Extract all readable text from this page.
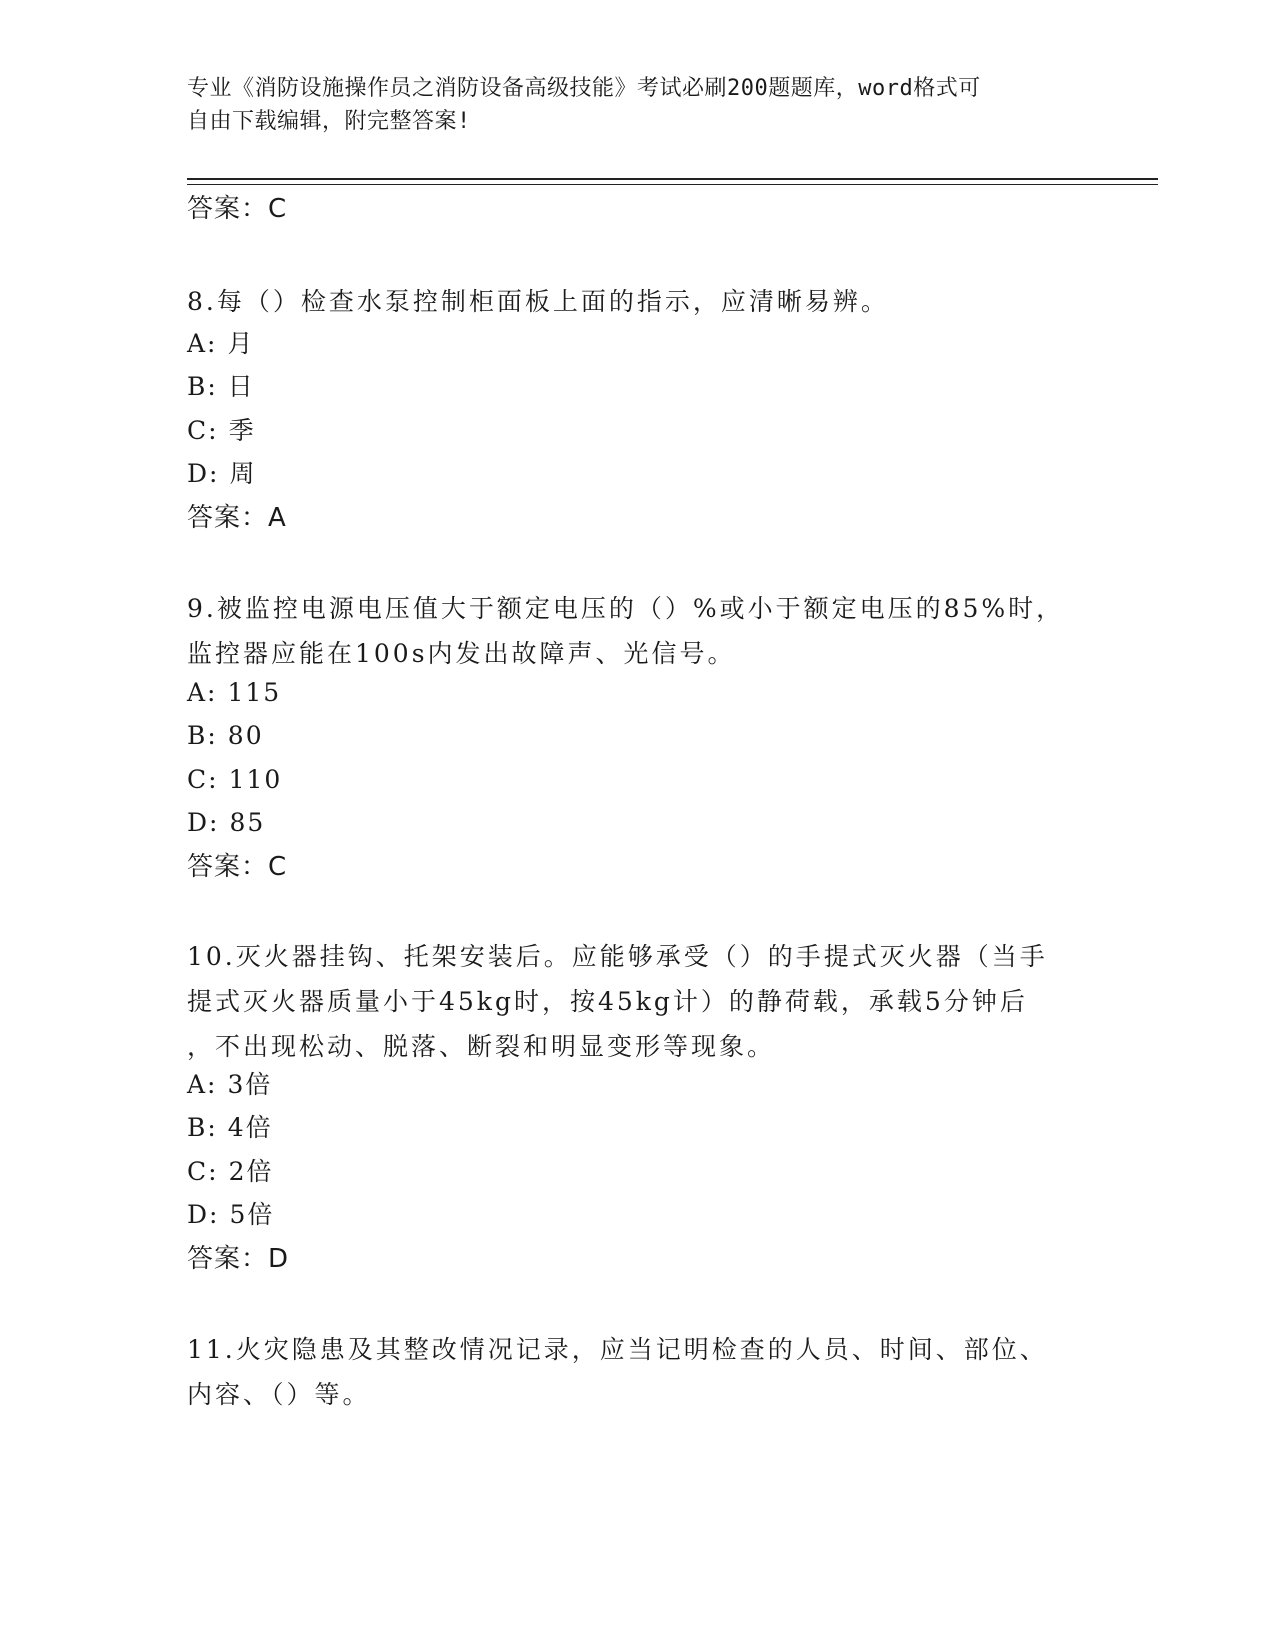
专业《消防设施操作员之消防设备高级技能》考试必刷200题题库，word格式可
自由下载编辑，附完整答案!
答案：C
8.每（）检查水泵控制柜面板上面的指示，应清晰易辨。
A: 月
B: 日
C: 季
D: 周
答案：A
9.被监控电源电压值大于额定电压的（）%或小于额定电压的85%时，
监控器应能在100s内发出故障声、光信号。
A: 115
B: 80
C: 110
D: 85
答案：C
10.灭火器挂钩、托架安装后。应能够承受（）的手提式灭火器（当手
提式灭火器质量小于45kg时，按45kg计）的静荷载，承载5分钟后
，不出现松动、脱落、断裂和明显变形等现象。
A: 3倍
B: 4倍
C: 2倍
D: 5倍
答案：D
11.火灾隐患及其整改情况记录，应当记明检查的人员、时间、部位、
内容、（）等。
